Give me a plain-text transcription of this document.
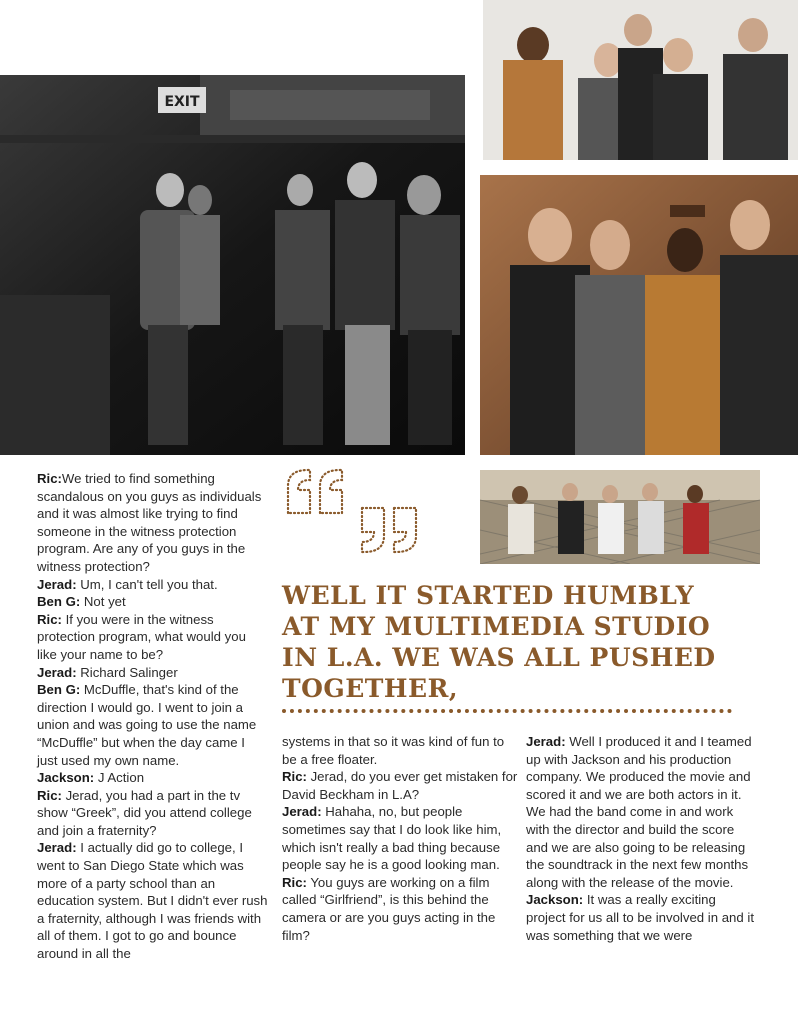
EXIT
WELL IT STARTED HUMBLY AT MY MULTIMEDIA STUDIO IN L.A. WE WAS ALL PUSHED TOGETHER,

Ric:We tried to find something scandalous on you guys as individuals and it was almost like trying to find someone in the witness protection program. Are any of you guys in the witness protection?

Jerad: Um, I can't tell you that.

Ben G: Not yet

Ric: If you were in the witness protection program, what would you like your name to be?

Jerad: Richard Salinger

Ben G: McDuffle, that's kind of the direction I would go. I went to join a union and was going to use the name “McDuffle” but when the day came I just used my own name.

Jackson: J Action

Ric: Jerad, you had a part in the tv show “Greek”, did you attend college and join a fraternity?

Jerad: I actually did go to college, I went to San Diego State which was more of a party school than an education system. But I didn't ever rush a fraternity, although I was friends with all of them. I got to go and bounce around in all the

systems in that so it was kind of fun to be a free floater.

Ric: Jerad, do you ever get mistaken for David Beckham in L.A?

Jerad: Hahaha, no, but people sometimes say that I do look like him, which isn't really a bad thing because people say he is a good looking man.

Ric: You guys are working on a film called “Girlfriend”, is this behind the camera or are you guys acting in the film?

Jerad: Well I produced it and I teamed up with Jackson and his production company. We produced the movie and scored it and we are both actors in it. We had the band come in and work with the director and build the score and we are also going to be releasing the soundtrack in the next few months along with the release of the movie.

Jackson: It was a really exciting project for us all to be involved in and it was something that we were
